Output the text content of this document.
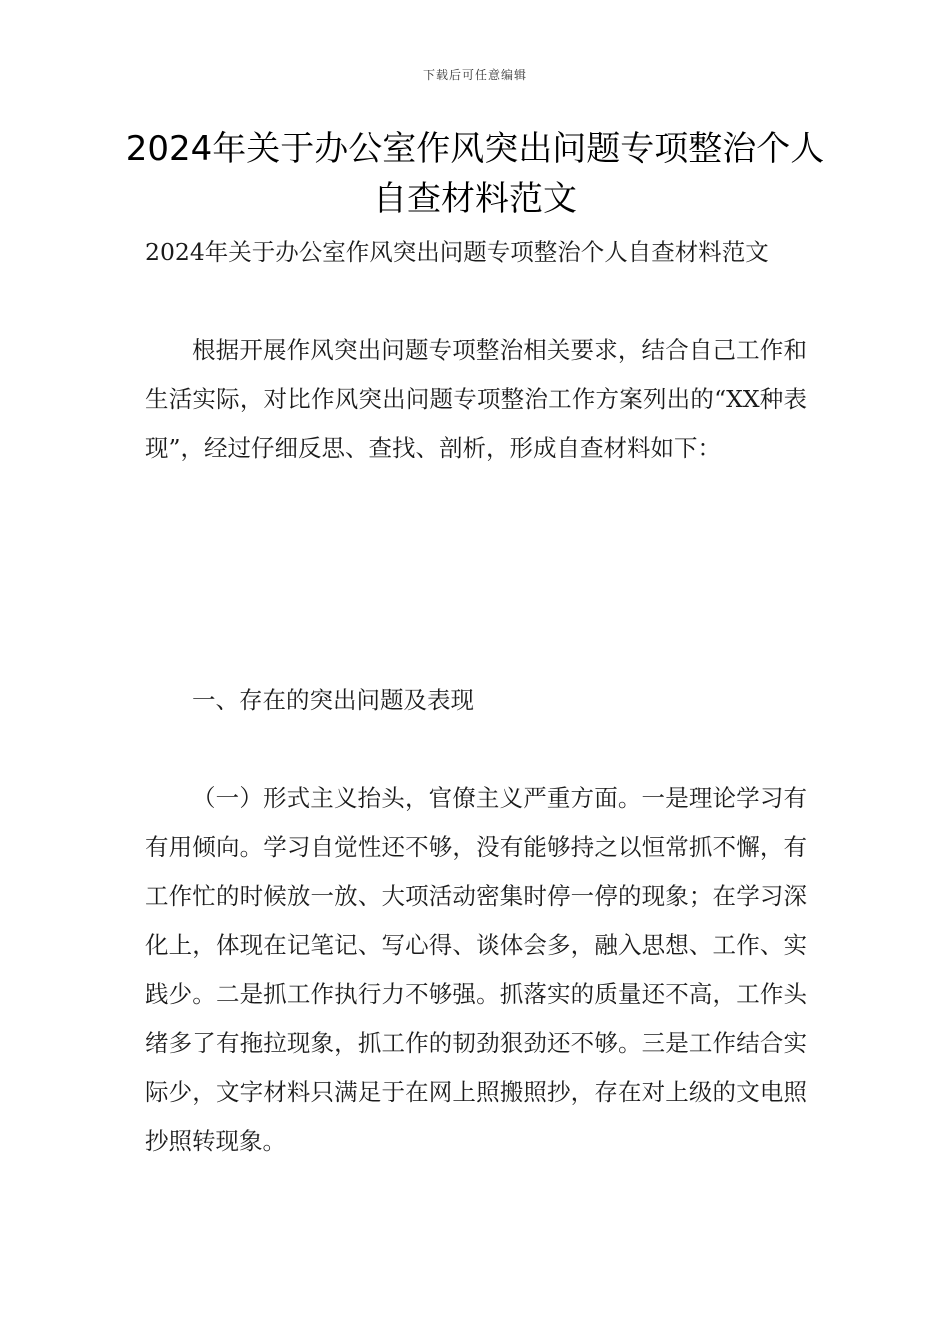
下载后可任意编辑
2024年关于办公室作风突出问题专项整治个人自查材料范文

2024年关于办公室作风突出问题专项整治个人自查材料范文

根据开展作风突出问题专项整治相关要求，结合自己工作和生活实际，对比作风突出问题专项整治工作方案列出的“XX种表现”，经过仔细反思、查找、剖析，形成自查材料如下：

一、存在的突出问题及表现

（一）形式主义抬头，官僚主义严重方面。一是理论学习有有用倾向。学习自觉性还不够，没有能够持之以恒常抓不懈，有工作忙的时候放一放、大项活动密集时停一停的现象；在学习深化上，体现在记笔记、写心得、谈体会多，融入思想、工作、实践少。二是抓工作执行力不够强。抓落实的质量还不高，工作头绪多了有拖拉现象，抓工作的韧劲狠劲还不够。三是工作结合实际少，文字材料只满足于在网上照搬照抄，存在对上级的文电照抄照转现象。
